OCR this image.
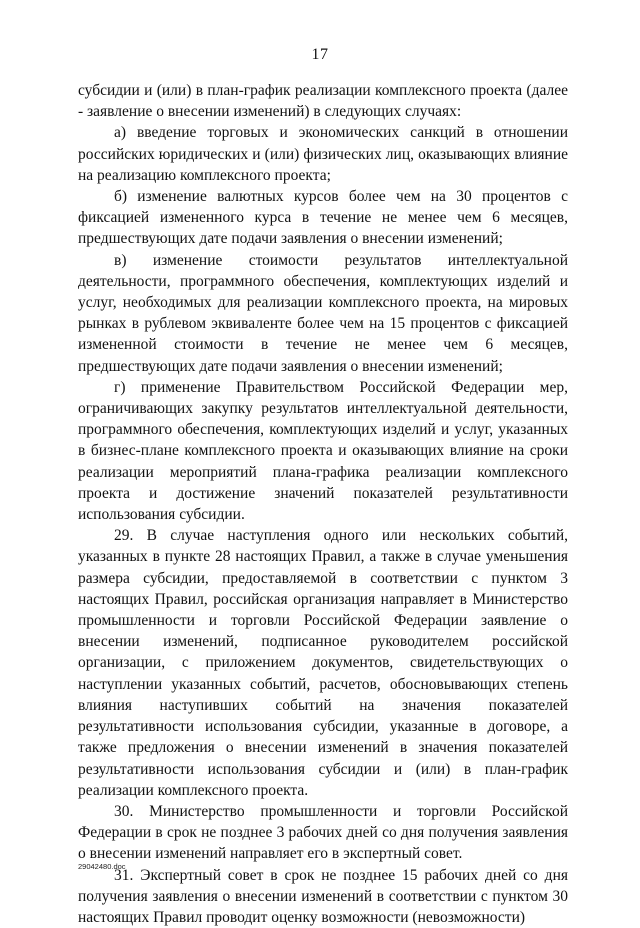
17

субсидии и (или) в план-график реализации комплексного проекта (далее - заявление о внесении изменений) в следующих случаях:

а) введение торговых и экономических санкций в отношении российских юридических и (или) физических лиц, оказывающих влияние на реализацию комплексного проекта;

б) изменение валютных курсов более чем на 30 процентов с фиксацией измененного курса в течение не менее чем 6 месяцев, предшествующих дате подачи заявления о внесении изменений;

в) изменение стоимости результатов интеллектуальной деятельности, программного обеспечения, комплектующих изделий и услуг, необходимых для реализации комплексного проекта, на мировых рынках в рублевом эквиваленте более чем на 15 процентов с фиксацией измененной стоимости в течение не менее чем 6 месяцев, предшествующих дате подачи заявления о внесении изменений;

г) применение Правительством Российской Федерации мер, ограничивающих закупку результатов интеллектуальной деятельности, программного обеспечения, комплектующих изделий и услуг, указанных в бизнес-плане комплексного проекта и оказывающих влияние на сроки реализации мероприятий плана-графика реализации комплексного проекта и достижение значений показателей результативности использования субсидии.

29. В случае наступления одного или нескольких событий, указанных в пункте 28 настоящих Правил, а также в случае уменьшения размера субсидии, предоставляемой в соответствии с пунктом 3 настоящих Правил, российская организация направляет в Министерство промышленности и торговли Российской Федерации заявление о внесении изменений, подписанное руководителем российской организации, с приложением документов, свидетельствующих о наступлении указанных событий, расчетов, обосновывающих степень влияния наступивших событий на значения показателей результативности использования субсидии, указанные в договоре, а также предложения о внесении изменений в значения показателей результативности использования субсидии и (или) в план-график реализации комплексного проекта.

30. Министерство промышленности и торговли Российской Федерации в срок не позднее 3 рабочих дней со дня получения заявления о внесении изменений направляет его в экспертный совет.

31. Экспертный совет в срок не позднее 15 рабочих дней со дня получения заявления о внесении изменений в соответствии с пунктом 30 настоящих Правил проводит оценку возможности (невозможности)

29042480.doc
